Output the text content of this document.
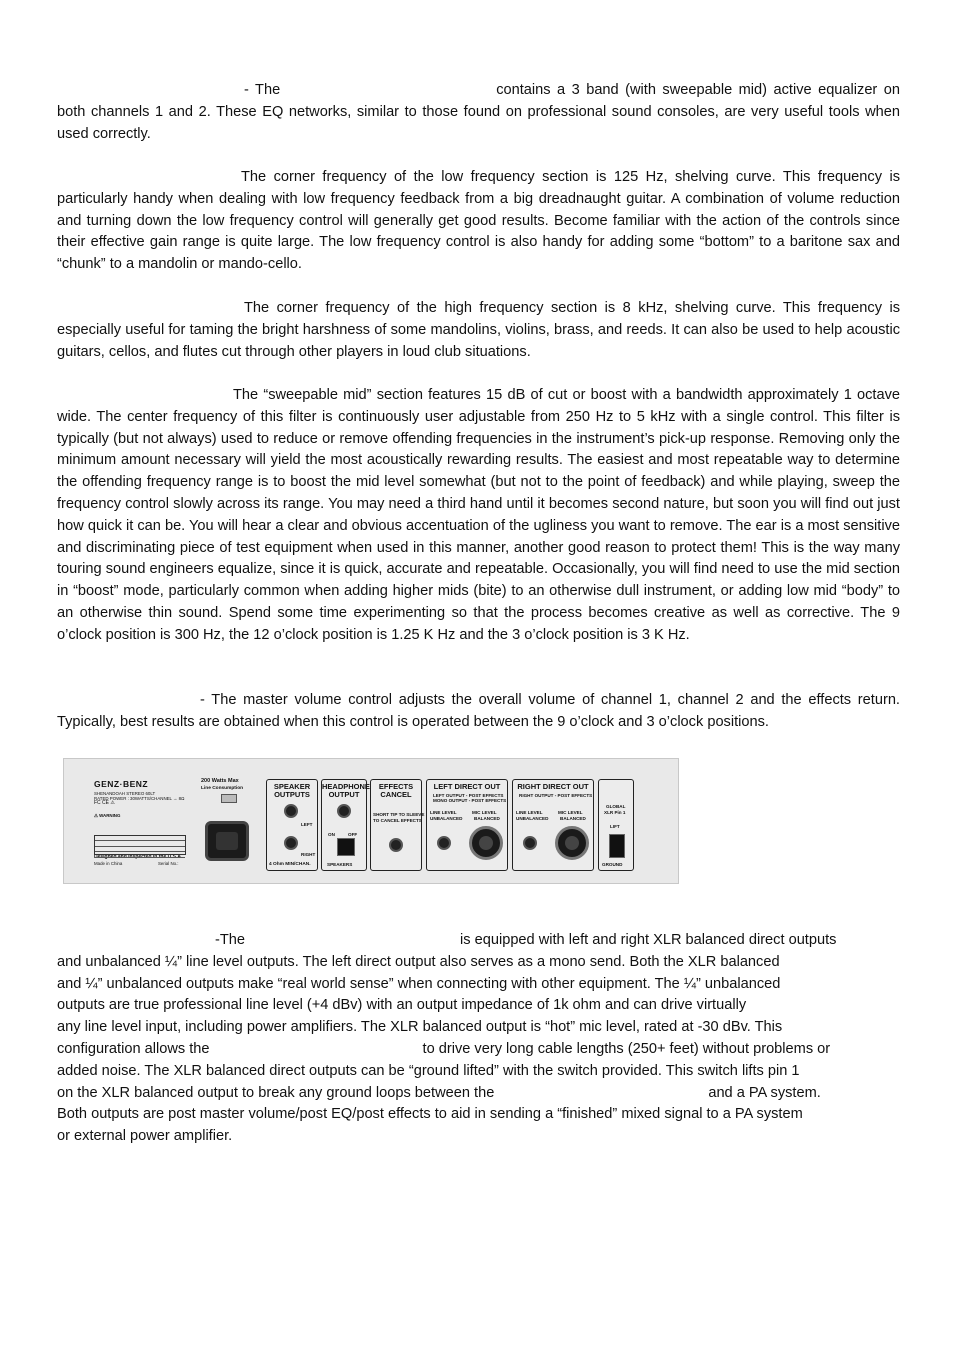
- The	contains a 3 band (with sweepable mid) active equalizer on both channels 1 and 2. These EQ networks, similar to those found on professional sound consoles, are very useful tools when used correctly.

The corner frequency of the low frequency section is 125 Hz, shelving curve. This frequency is particularly handy when dealing with low frequency feedback from a big dreadnaught guitar. A combination of volume reduction and turning down the low frequency control will generally get good results. Become familiar with the action of the controls since their effective gain range is quite large. The low frequency control is also handy for adding some “bottom” to a baritone sax and “chunk” to a mandolin or mando-cello.

The corner frequency of the high frequency section is 8 kHz, shelving curve. This frequency is especially useful for taming the bright harshness of some mandolins, violins, brass, and reeds. It can also be used to help acoustic guitars, cellos, and flutes cut through other players in loud club situations.

The “sweepable mid” section features 15 dB of cut or boost with a bandwidth approximately 1 octave wide. The center frequency of this filter is continuously user adjustable from 250 Hz to 5 kHz with a single control. This filter is typically (but not always) used to reduce or remove offending frequencies in the instrument’s pick-up response. Removing only the minimum amount necessary will yield the most acoustically rewarding results. The easiest and most repeatable way to determine the offending frequency range is to boost the mid level somewhat (but not to the point of feedback) and while playing, sweep the frequency control slowly across its range. You may need a third hand until it becomes second nature, but soon you will find out just how quick it can be. You will hear a clear and obvious accentuation of the ugliness you want to remove. The ear is a most sensitive and discriminating piece of test equipment when used in this manner, another good reason to protect them! This is the way many touring sound engineers equalize, since it is quick, accurate and repeatable. Occasionally, you will find need to use the mid section in “boost” mode, particularly common when adding higher mids (bite) to an otherwise dull instrument, or adding low mid “body” to an otherwise thin sound. Spend some time experimenting so that the process becomes creative as well as corrective. The 9 o’clock position is 300 Hz, the 12 o’clock position is 1.25 K Hz and the 3 o’clock position is 3 K Hz.

- The master volume control adjusts the overall volume of channel 1, channel 2 and the effects return. Typically, best results are obtained when this control is operated between the 9 o’clock and 3 o’clock positions.

GENZ·BENZ
SHENANDOAH STEREO 60LT
RATED POWER : 30WATTS/CHANNEL → 8Ω
FC CE ⚠
⚠ WARNING
Designed and Inspected in the U.S.A.
Made in China	Serial No.:
200 Watts Max
Line Consumption	SPEAKER OUTPUTS
LEFT
RIGHT
4 Ohm MIN/CHAN.
HEADPHONE OUTPUT
ON	OFF
SPEAKERS
EFFECTS CANCEL
SHORT TIP TO SLEEVE
TO CANCEL EFFECTS
LEFT DIRECT OUT
LEFT OUTPUT - POST EFFECTS
MONO OUTPUT - POST EFFECTS
LINE LEVEL
UNBALANCED
MIC LEVEL
BALANCED
RIGHT DIRECT OUT
RIGHT OUTPUT - POST EFFECTS
LINE LEVEL
UNBALANCED
MIC LEVEL
BALANCED
GLOBAL
XLR Pin 1
LIFT
GROUND
-The	is equipped with left and right XLR balanced direct outputs
and unbalanced ¼” line level outputs. The left direct output also serves as a mono send. Both the XLR balanced
and ¼” unbalanced outputs make “real world sense” when connecting with other equipment. The ¼” unbalanced
outputs are true professional line level (+4 dBv) with an output impedance of 1k ohm and can drive virtually
any line level input, including power amplifiers. The XLR balanced output is “hot” mic level, rated at -30 dBv. This
configuration allows the	to drive very long cable lengths (250+ feet) without problems or
added noise. The XLR balanced direct outputs can be “ground lifted” with the switch provided. This switch lifts pin 1
on the XLR balanced output to break any ground loops between the	and a PA system.
Both outputs are post master volume/post EQ/post effects to aid in sending a “finished” mixed signal to a PA system
or external power amplifier.
